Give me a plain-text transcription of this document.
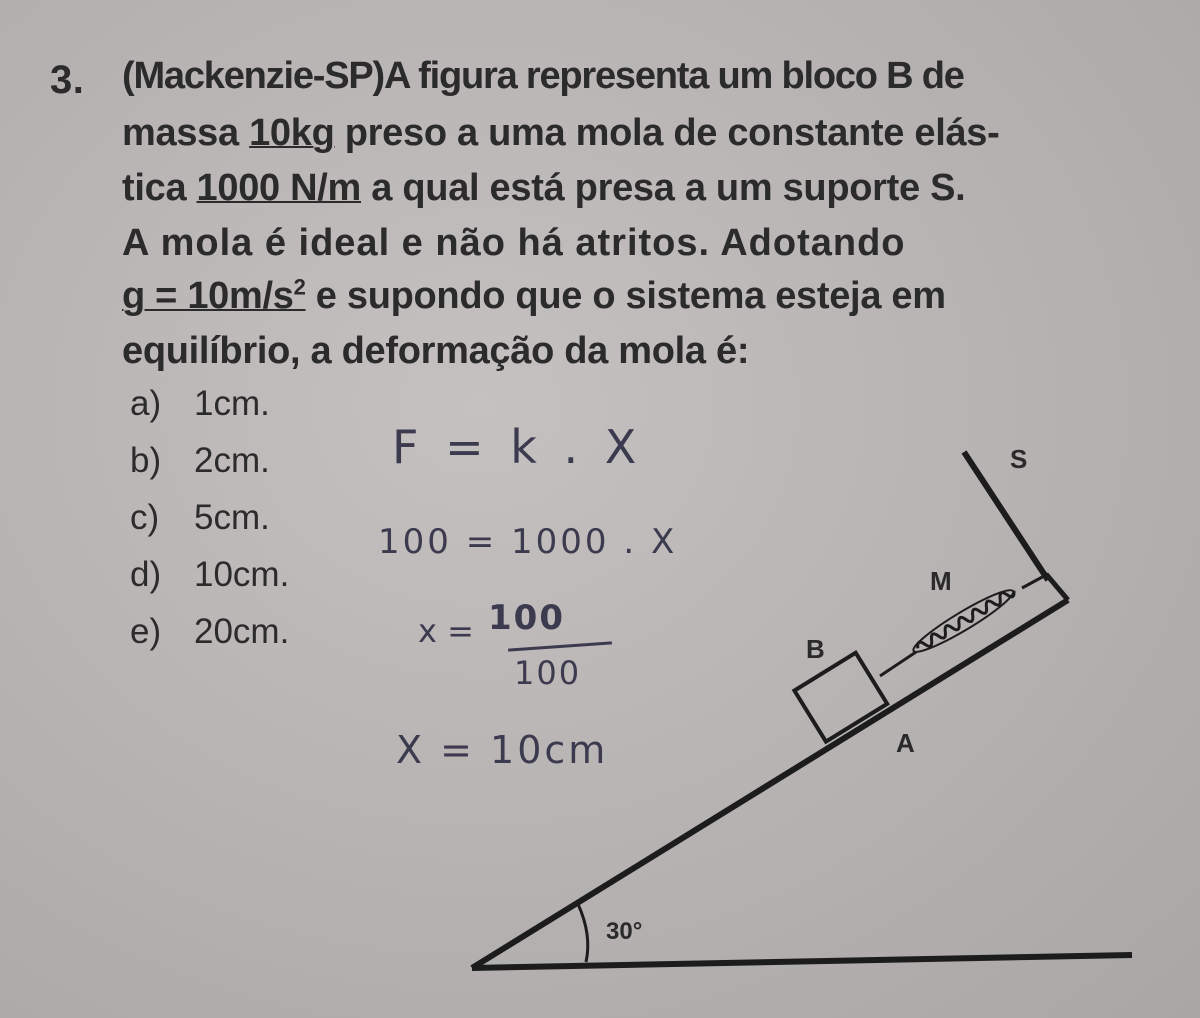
3. (Mackenzie-SP)A figura representa um bloco B de
massa 10kg preso a uma mola de constante elás-
tica 1000 N/m a qual está presa a um suporte S.
A mola é ideal e não há atritos. Adotando
$g = 10m/s^2$ e supondo que o sistema esteja em
equilíbrio, a deformação da mola é:
a) 1cm.
b) 2cm.
c) 5cm.
d) 10cm.
e) 20cm.
F = k . X
100 = 1000 . X
x = 100
100
X = 10cm
S
M
B
A
30°
